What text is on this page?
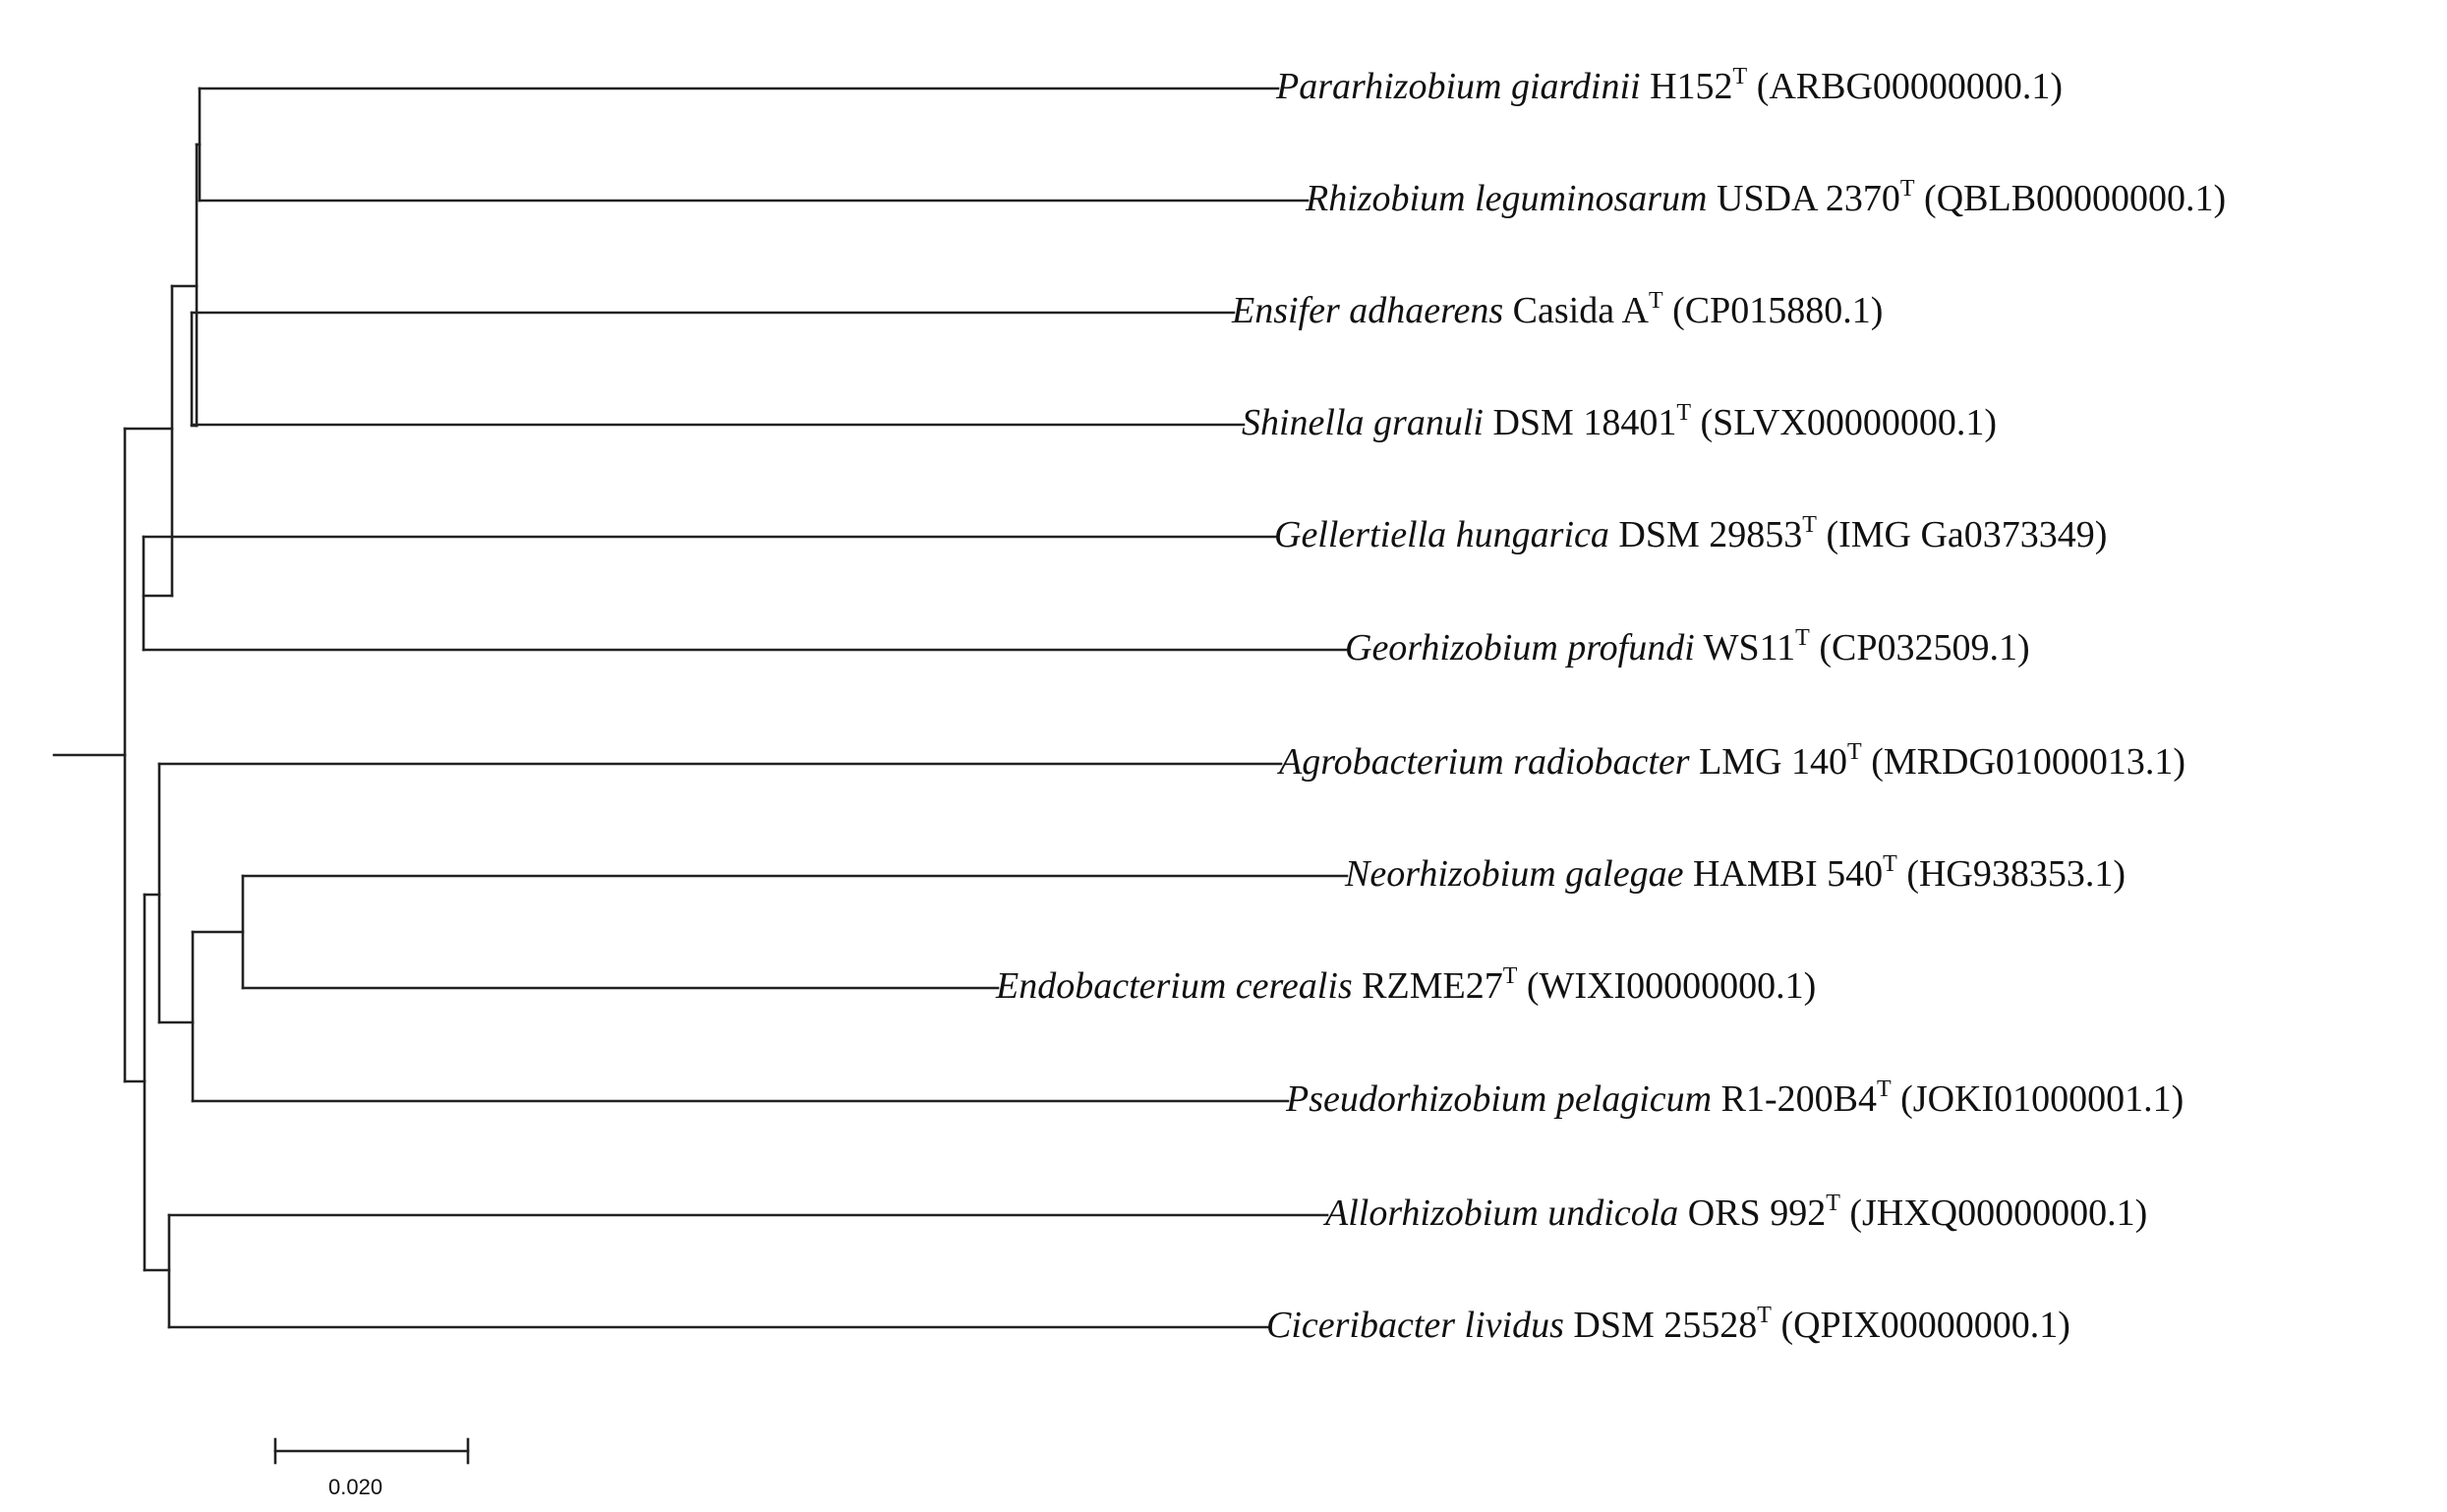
Pararhizobium giardinii $H152^T$ (ARBG00000000.1)
Rhizobium leguminosarum USDA $2370^T$ (QBLB00000000.1)
Ensifer adhaerens Casida $A^T$ (CP015880.1)
Shinella granuli DSM $18401^T$ (SLVX00000000.1)
Gellertiella hungarica DSM $29853^T$ (IMG Ga0373349)
Georhizobium profundi $WS11^T$ (CP032509.1)
Agrobacterium radiobacter LMG $140^T$ (MRDG01000013.1)
Neorhizobium galegae HAMBI $540^T$ (HG938353.1)
Endobacterium cerealis $RZME27^T$ (WIXI00000000.1)
Pseudorhizobium pelagicum $R1-200B4^T$ (JOKI01000001.1)
Allorhizobium undicola ORS $992^T$ (JHXQ00000000.1)
Ciceribacter lividus DSM $25528^T$ (QPIX00000000.1)
0.020
